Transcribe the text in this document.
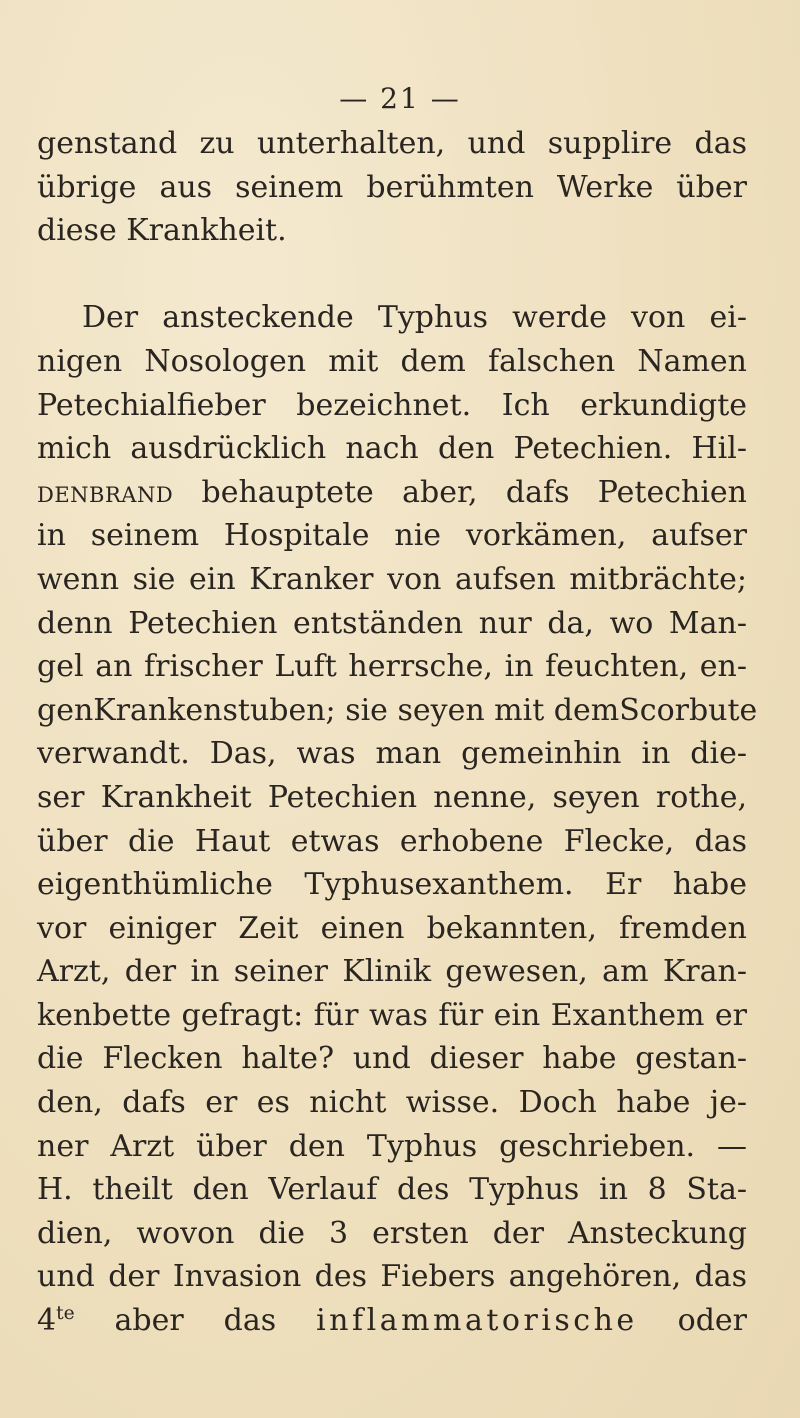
— 21 —
genstand zu unterhalten, und supplire das
übrige aus seinem berühmten Werke über
diese Krankheit.
Der ansteckende Typhus werde von ei-
nigen Nosologen mit dem falschen Namen
Petechialfieber bezeichnet. Ich erkundigte
mich ausdrücklich nach den Petechien. Hil-
denbrand behauptete aber, dafs Petechien
in seinem Hospitale nie vorkämen, aufser
wenn sie ein Kranker von aufsen mitbrächte;
denn Petechien entständen nur da, wo Man-
gel an frischer Luft herrsche, in feuchten, en-
genKrankenstuben; sie seyen mit demScorbute
verwandt. Das, was man gemeinhin in die-
ser Krankheit Petechien nenne, seyen rothe,
über die Haut etwas erhobene Flecke, das
eigenthümliche Typhusexanthem. Er habe
vor einiger Zeit einen bekannten, fremden
Arzt, der in seiner Klinik gewesen, am Kran-
kenbette gefragt: für was für ein Exanthem er
die Flecken halte? und dieser habe gestan-
den, dafs er es nicht wisse. Doch habe je-
ner Arzt über den Typhus geschrieben. —
H. theilt den Verlauf des Typhus in 8 Sta-
dien, wovon die 3 ersten der Ansteckung
und der Invasion des Fiebers angehören, das
$4^{te}$ aber das inflammatorische oder
